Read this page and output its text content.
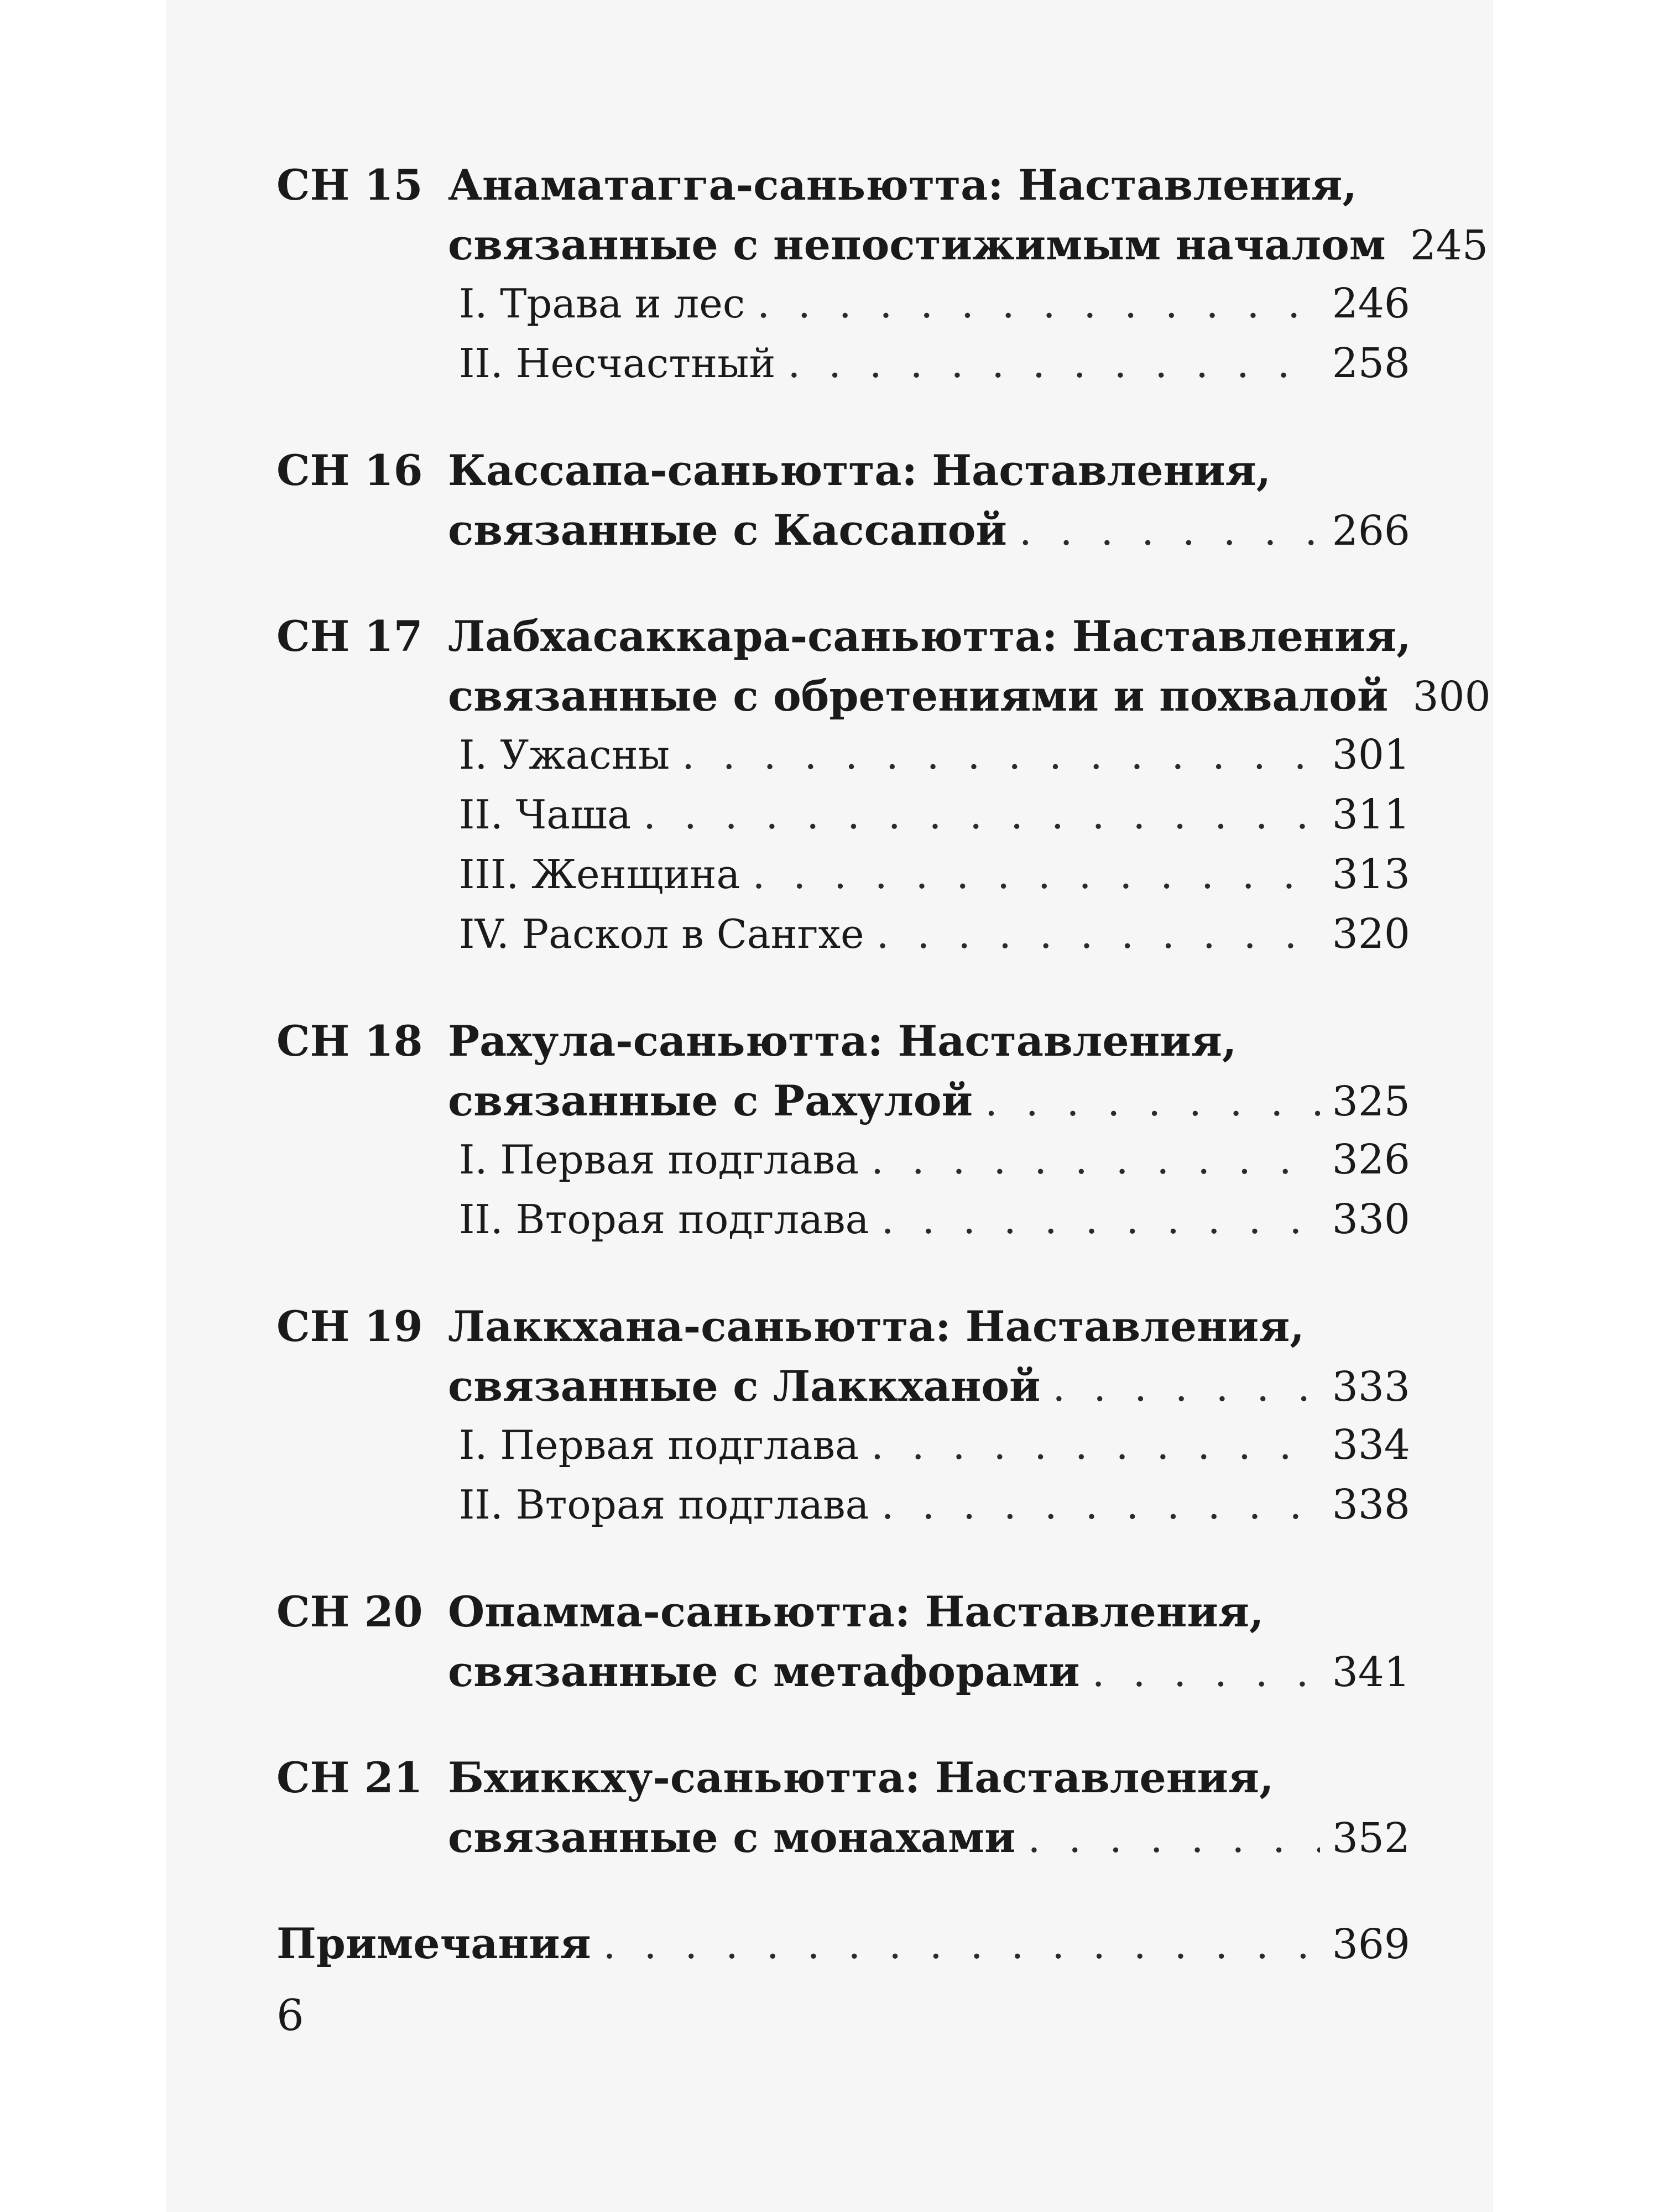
СН 15 Анаматагга-саньютта: Наставления,
связанные с непостижимым началом 245
I. Трава и лес . . .	246
II. Несчастный . . .	258
СН 16 Кассапа-саньютта: Наставления,
связанные с Кассапой . . .	266
СН 17 Лабхасаккара-саньютта: Наставления,
связанные с обретениями и похвалой 300
I. Ужасны . . .	301
II. Чаша . . .	311
III. Женщина . . .	313
IV. Раскол в Сангхе . . .	320
СН 18 Рахула-саньютта: Наставления,
связанные с Рахулой . . .	325
I. Первая подглава . . .	326
II. Вторая подглава . . .	330
СН 19 Лаккхана-саньютта: Наставления,
связанные с Лаккханой . . .	333
I. Первая подглава . . .	334
II. Вторая подглава . . .	338
СН 20 Опамма-саньютта: Наставления,
связанные с метафорами . . .	341
СН 21 Бхиккху-саньютта: Наставления,
связанные с монахами . . .	352
Примечания . . .	369
6
